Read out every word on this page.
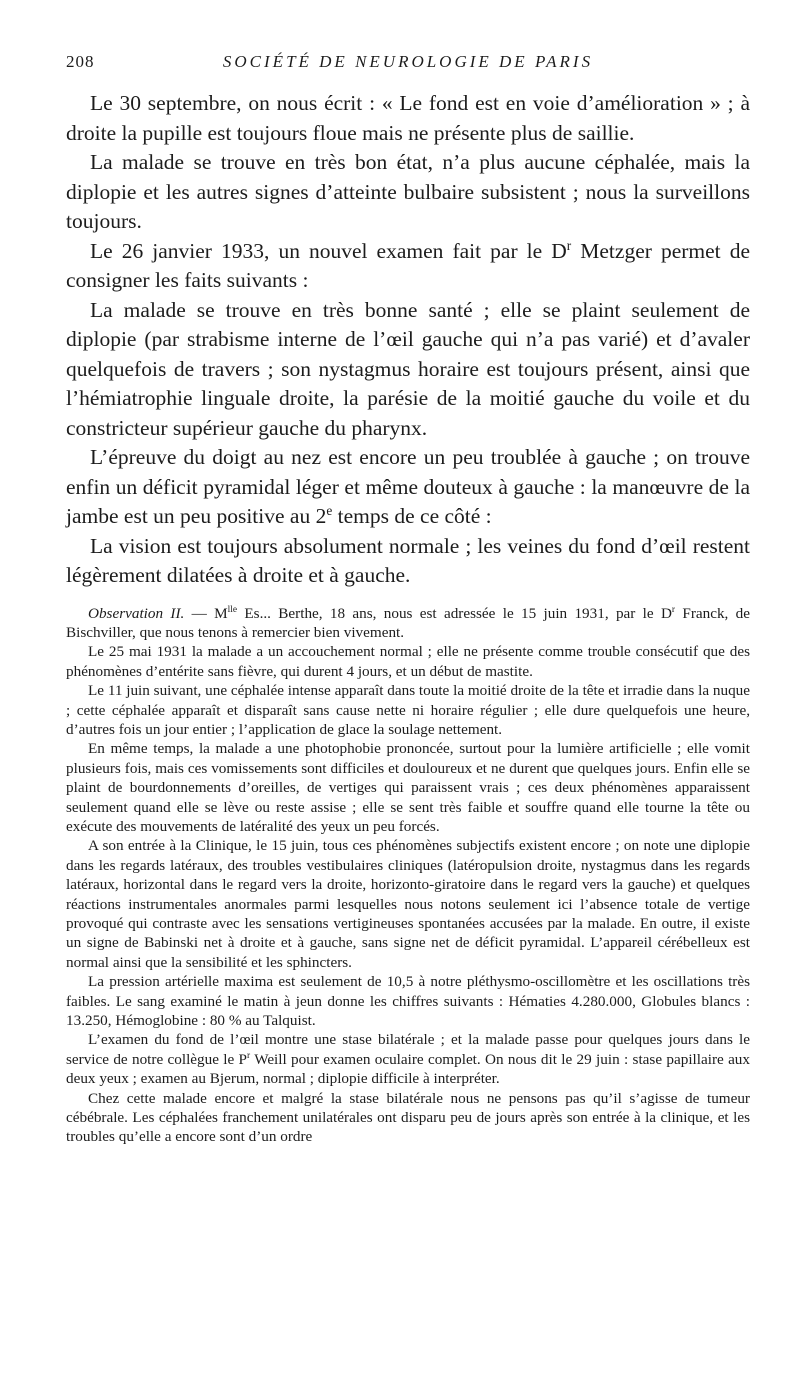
208	SOCIÉTÉ DE NEUROLOGIE DE PARIS

Le 30 septembre, on nous écrit : « Le fond est en voie d’amélioration » ; à droite la pupille est toujours floue mais ne présente plus de saillie.

La malade se trouve en très bon état, n’a plus aucune céphalée, mais la diplopie et les autres signes d’atteinte bulbaire subsistent ; nous la surveillons toujours.

Le 26 janvier 1933, un nouvel examen fait par le $D^r$ Metzger permet de consigner les faits suivants :

La malade se trouve en très bonne santé ; elle se plaint seulement de diplopie (par strabisme interne de l’œil gauche qui n’a pas varié) et d’avaler quelquefois de travers ; son nystagmus horaire est toujours présent, ainsi que l’hémiatrophie linguale droite, la parésie de la moitié gauche du voile et du constricteur supérieur gauche du pharynx.

L’épreuve du doigt au nez est encore un peu troublée à gauche ; on trouve enfin un déficit pyramidal léger et même douteux à gauche : la manœuvre de la jambe est un peu positive au 2e temps de ce côté :

La vision est toujours absolument normale ; les veines du fond d’œil restent légèrement dilatées à droite et à gauche.

Observation II. — $M^{lle}$ Es... Berthe, 18 ans, nous est adressée le 15 juin 1931, par le $D^r$ Franck, de Bischviller, que nous tenons à remercier bien vivement.

Le 25 mai 1931 la malade a un accouchement normal ; elle ne présente comme trouble consécutif que des phénomènes d’entérite sans fièvre, qui durent 4 jours, et un début de mastite.

Le 11 juin suivant, une céphalée intense apparaît dans toute la moitié droite de la tête et irradie dans la nuque ; cette céphalée apparaît et disparaît sans cause nette ni horaire régulier ; elle dure quelquefois une heure, d’autres fois un jour entier ; l’application de glace la soulage nettement.

En même temps, la malade a une photophobie prononcée, surtout pour la lumière artificielle ; elle vomit plusieurs fois, mais ces vomissements sont difficiles et douloureux et ne durent que quelques jours. Enfin elle se plaint de bourdonnements d’oreilles, de vertiges qui paraissent vrais ; ces deux phénomènes apparaissent seulement quand elle se lève ou reste assise ; elle se sent très faible et souffre quand elle tourne la tête ou exécute des mouvements de latéralité des yeux un peu forcés.

A son entrée à la Clinique, le 15 juin, tous ces phénomènes subjectifs existent encore ; on note une diplopie dans les regards latéraux, des troubles vestibulaires cliniques (latéropulsion droite, nystagmus dans les regards latéraux, horizontal dans le regard vers la droite, horizonto-giratoire dans le regard vers la gauche) et quelques réactions instrumentales anormales parmi lesquelles nous notons seulement ici l’absence totale de vertige provoqué qui contraste avec les sensations vertigineuses spontanées accusées par la malade. En outre, il existe un signe de Babinski net à droite et à gauche, sans signe net de déficit pyramidal. L’appareil cérébelleux est normal ainsi que la sensibilité et les sphincters.

La pression artérielle maxima est seulement de 10,5 à notre pléthysmo-oscillomètre et les oscillations très faibles. Le sang examiné le matin à jeun donne les chiffres suivants : Hématies 4.280.000, Globules blancs : 13.250, Hémoglobine : 80 % au Talquist.

L’examen du fond de l’œil montre une stase bilatérale ; et la malade passe pour quelques jours dans le service de notre collègue le $P^r$ Weill pour examen oculaire complet. On nous dit le 29 juin : stase papillaire aux deux yeux ; examen au Bjerum, normal ; diplopie difficile à interpréter.

Chez cette malade encore et malgré la stase bilatérale nous ne pensons pas qu’il s’agisse de tumeur cébébrale. Les céphalées franchement unilatérales ont disparu peu de jours après son entrée à la clinique, et les troubles qu’elle a encore sont d’un ordre
